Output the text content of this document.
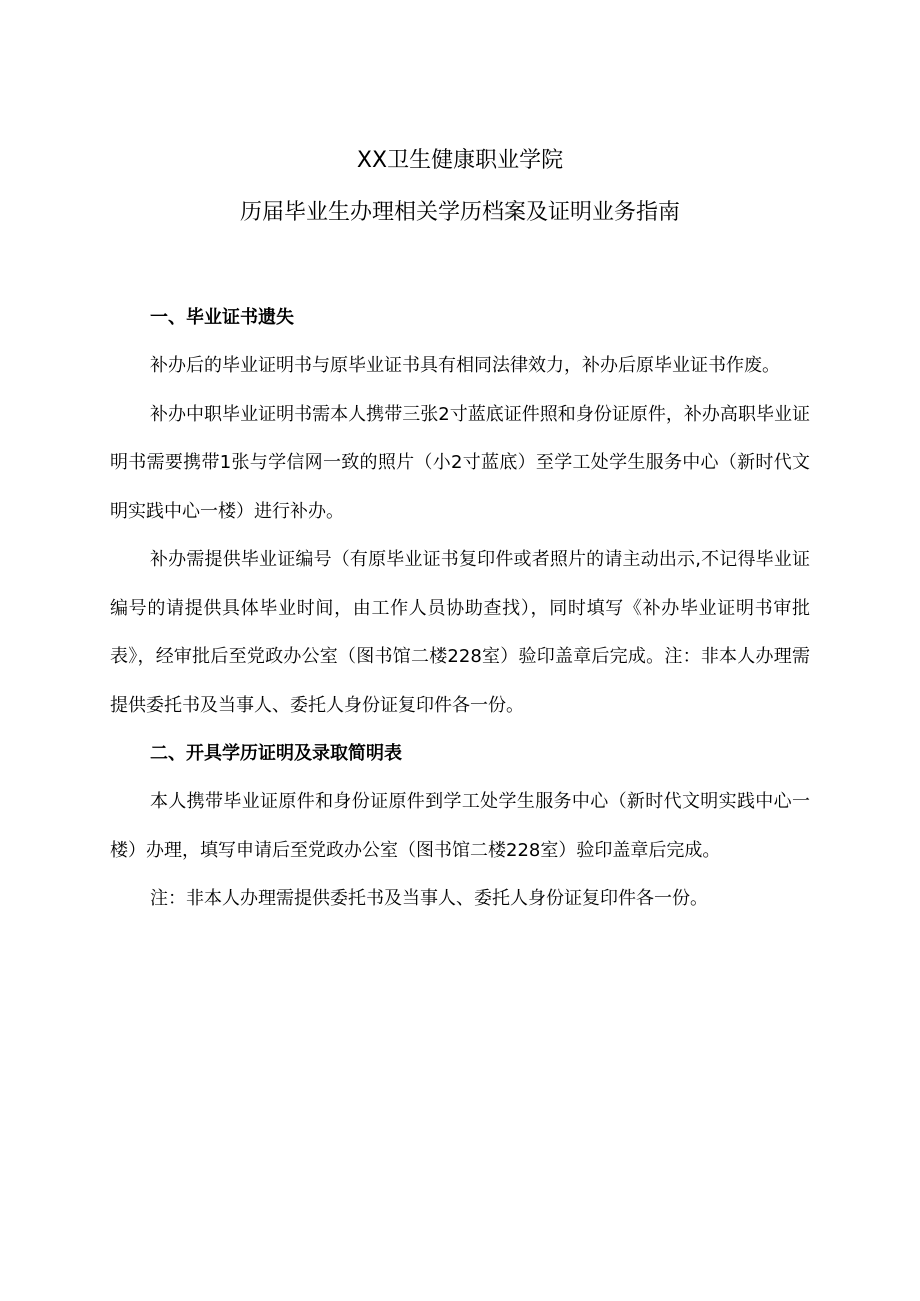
XX卫生健康职业学院
历届毕业生办理相关学历档案及证明业务指南

一、毕业证书遗失

补办后的毕业证明书与原毕业证书具有相同法律效力，补办后原毕业证书作废。

补办中职毕业证明书需本人携带三张2寸蓝底证件照和身份证原件，补办高职毕业证明书需要携带1张与学信网一致的照片（小2寸蓝底）至学工处学生服务中心（新时代文明实践中心一楼）进行补办。

补办需提供毕业证编号（有原毕业证书复印件或者照片的请主动出示,不记得毕业证编号的请提供具体毕业时间，由工作人员协助查找），同时填写《补办毕业证明书审批表》，经审批后至党政办公室（图书馆二楼228室）验印盖章后完成。注：非本人办理需提供委托书及当事人、委托人身份证复印件各一份。

二、开具学历证明及录取简明表

本人携带毕业证原件和身份证原件到学工处学生服务中心（新时代文明实践中心一楼）办理，填写申请后至党政办公室（图书馆二楼228室）验印盖章后完成。

注：非本人办理需提供委托书及当事人、委托人身份证复印件各一份。
